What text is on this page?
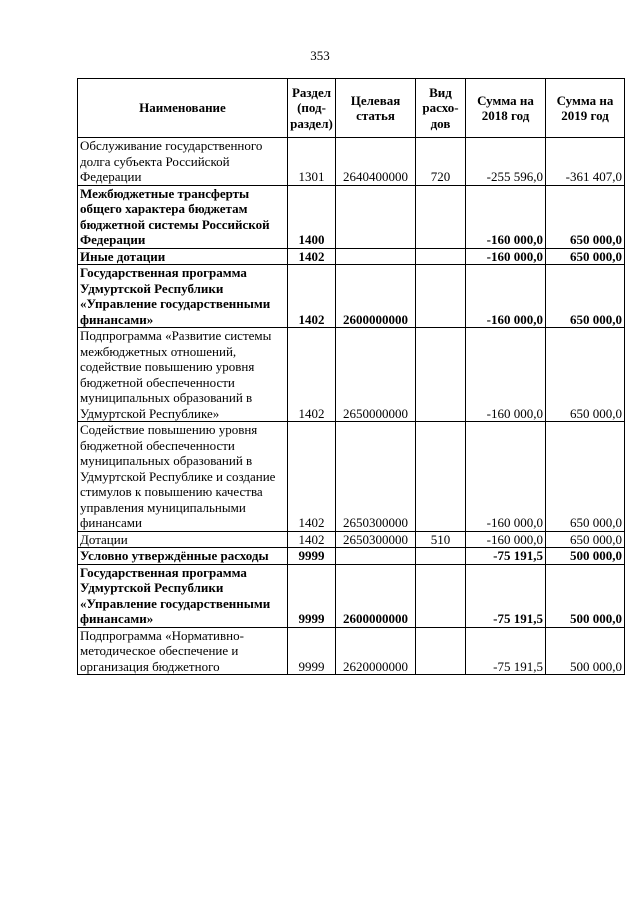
353
Наименование	Раздел (под-раздел)	Целевая статья	Вид расхо-дов	Сумма на 2018 год	Сумма на 2019 год
Обслуживание государственного долга субъекта Российской Федерации	1301	2640400000	720	-255 596,0	-361 407,0
Межбюджетные трансферты общего характера бюджетам бюджетной системы Российской Федерации	1400			-160 000,0	650 000,0
Иные дотации	1402			-160 000,0	650 000,0
Государственная программа Удмуртской Республики «Управление государственными финансами»	1402	2600000000		-160 000,0	650 000,0
Подпрограмма «Развитие системы межбюджетных отношений, содействие повышению уровня бюджетной обеспеченности муниципальных образований в Удмуртской Республике»	1402	2650000000		-160 000,0	650 000,0
Содействие повышению уровня бюджетной обеспеченности муниципальных образований в Удмуртской Республике и создание стимулов к повышению качества управления муниципальными финансами	1402	2650300000		-160 000,0	650 000,0
Дотации	1402	2650300000	510	-160 000,0	650 000,0
Условно утверждённые расходы	9999			-75 191,5	500 000,0
Государственная программа Удмуртской Республики «Управление государственными финансами»	9999	2600000000		-75 191,5	500 000,0
Подпрограмма «Нормативно-методическое обеспечение и организация бюджетного	9999	2620000000		-75 191,5	500 000,0
